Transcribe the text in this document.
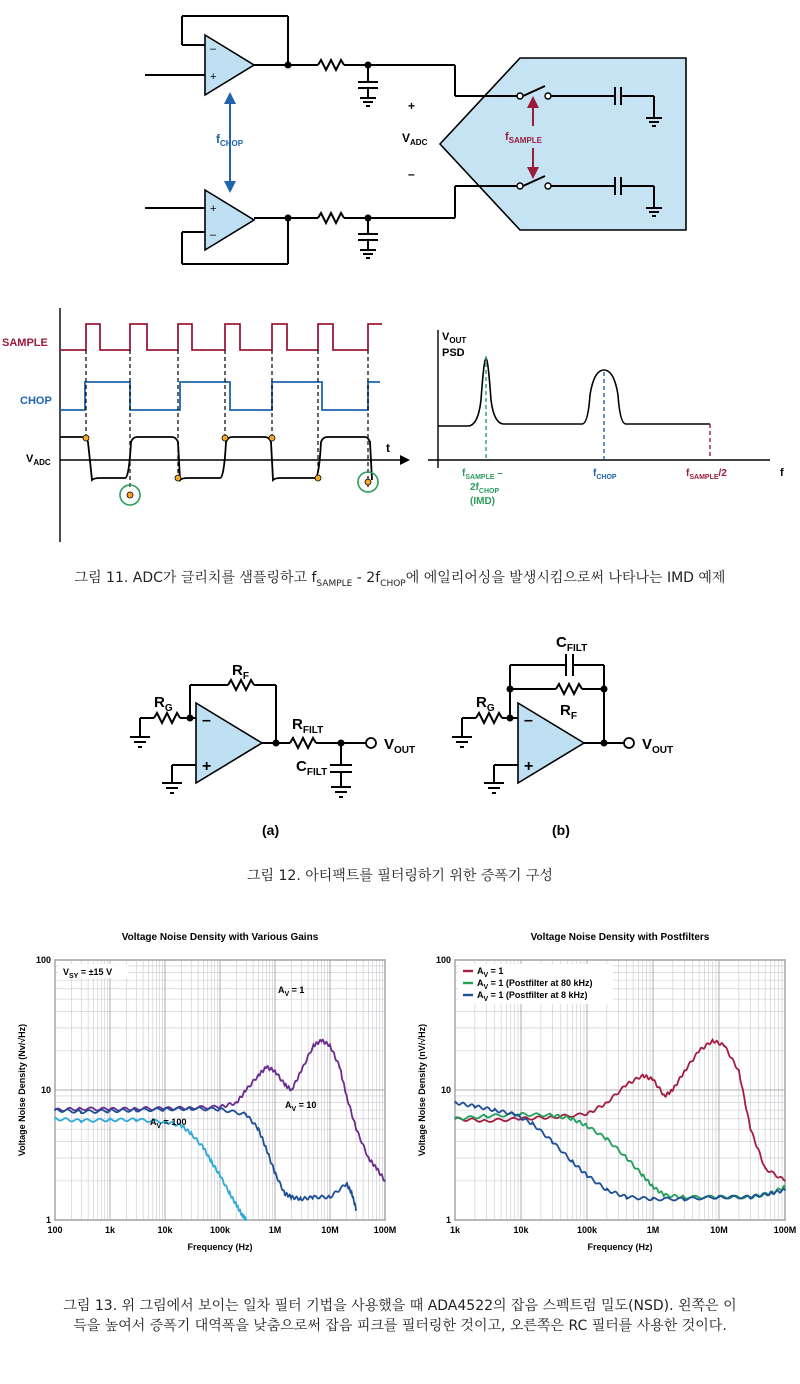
–
+
+
–
$f_{CHOP}$
$f_{SAMPLE}$
+
$V_{ADC}$
–
SAMPLE
CHOP
$V_{ADC}$
t
$V_{OUT}$
PSD
$f_{SAMPLE}$ –
$2f_{CHOP}$
(IMD)
$f_{CHOP}$	$f_{SAMPLE}/2$	f
그림 11. ADC가 글리치를 샘플링하고 $f_{SAMPLE} - 2f_{CHOP}$에 에일리어싱을 발생시킴으로써 나타나는 IMD 예제
$R_F$
$R_G$
–
+
$R_{FILT}$
$V_{OUT}$
$C_{FILT}$
(a)
$C_{FILT}$
$R_F$
$R_G$
–
+
$V_{OUT}$
(b)
그림 12. 아티팩트를 필터링하기 위한 증폭기 구성
Voltage Noise Density with Various Gains
100	1k	10k	100k	1M	10M	100M
1
10
100
Frequency (Hz)
Voltage Noise Density (Nv/√Hz)
$V_{SY} = \pm 15$ V
$A_V = 1$
$A_V = 10$
$A_V = 100$
Voltage Noise Density with Postfilters
1k	10k	100k	1M	10M	100M
1
10
100
Frequency (Hz)
Voltage Noise Density (nV/√Hz)
$A_V = 1$
$A_V = 1$ (Postfilter at 80 kHz)
$A_V = 1$ (Postfilter at 8 kHz)
그림 13. 위 그림에서 보이는 일차 필터 기법을 사용했을 때 ADA4522의 잡음 스펙트럼 밀도(NSD). 왼쪽은 이
득을 높여서 증폭기 대역폭을 낮춤으로써 잡음 피크를 필터링한 것이고, 오른쪽은 RC 필터를 사용한 것이다.
